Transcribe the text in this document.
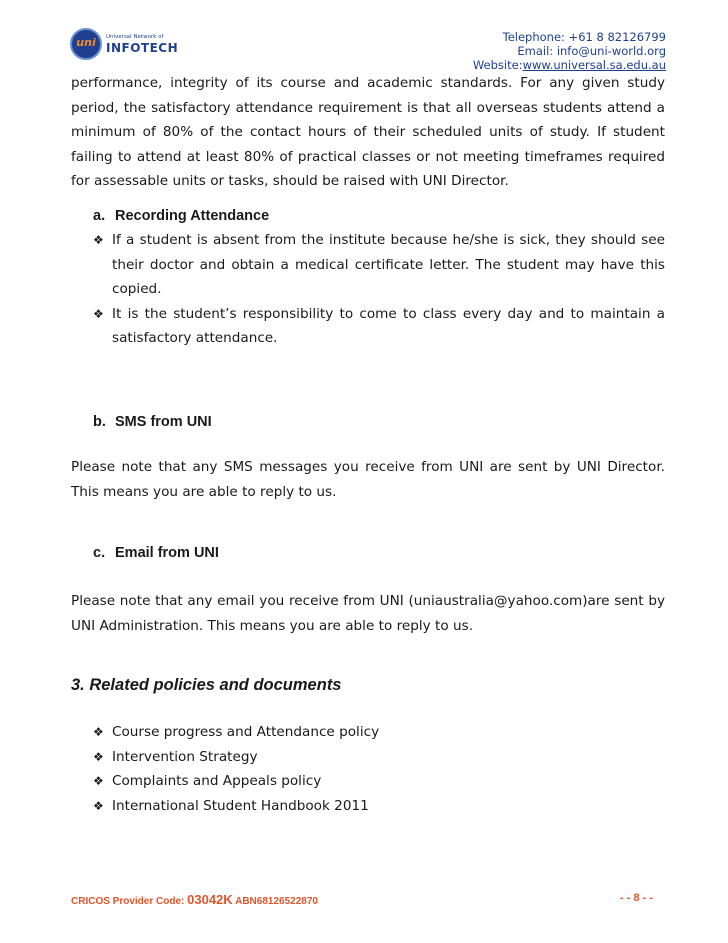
uni	Universal Network of
INFOTECH
Telephone: +61 8 82126799
Email: info@uni-world.org
Website:www.universal.sa.edu.au

performance, integrity of its course and academic standards. For any given study period, the satisfactory attendance requirement is that all overseas students attend a minimum of 80% of the contact hours of their scheduled units of study. If student failing to attend at least 80% of practical classes or not meeting timeframes required for assessable units or tasks, should be raised with UNI Director.

a. Recording Attendance
❖ If a student is absent from the institute because he/she is sick, they should see their doctor and obtain a medical certificate letter. The student may have this copied.
❖ It is the student’s responsibility to come to class every day and to maintain a satisfactory attendance.
b. SMS from UNI

Please note that any SMS messages you receive from UNI are sent by UNI Director. This means you are able to reply to us.

c. Email from UNI

Please note that any email you receive from UNI (uniaustralia@yahoo.com)are sent by UNI Administration. This means you are able to reply to us.

3. Related policies and documents
❖ Course progress and Attendance policy
❖ Intervention Strategy
❖ Complaints and Appeals policy
❖ International Student Handbook 2011
CRICOS Provider Code: 03042K ABN68126522870	- - 8 - -
